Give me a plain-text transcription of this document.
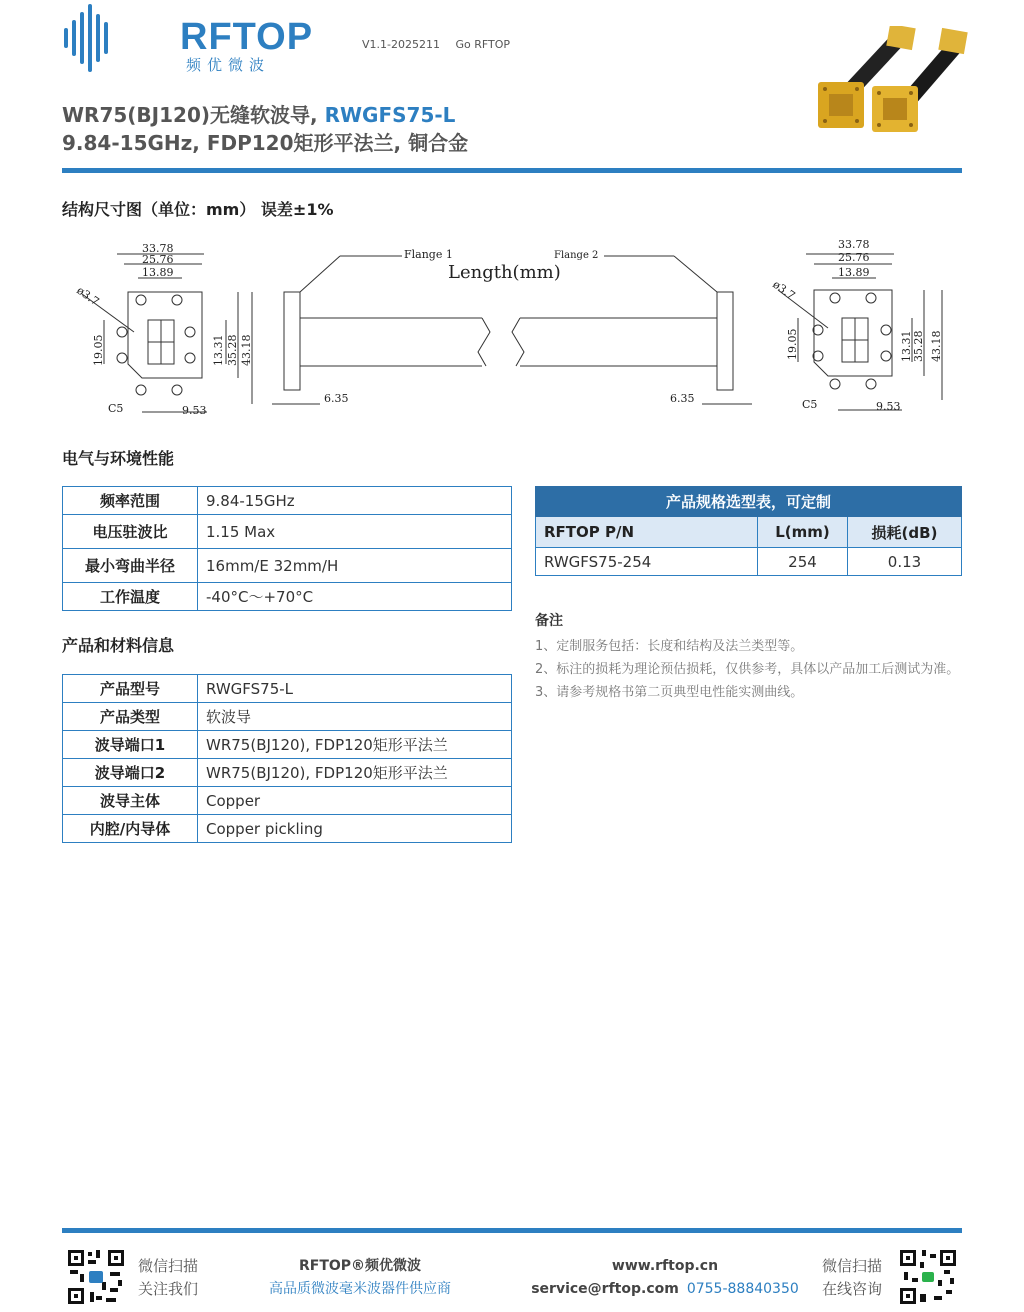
RFTOP
频优微波
V1.1-2025211 Go RFTOP
WR75(BJ120)无缝软波导, RWGFS75-L
9.84-15GHz, FDP120矩形平法兰, 铜合金
结构尺寸图（单位：mm） 误差±1%
33.78
25.76
13.89
ø3.7
19.05	13.31 35.28 43.18
C5	9.53
Flange 1	Flange 2
Length(mm)
6.35	6.35
33.78
25.76
13.89
ø3.7
19.05	13.31 35.28 43.18
C5	9.53
电气与环境性能
频率范围	9.84-15GHz
电压驻波比	1.15 Max
最小弯曲半径	16mm/E 32mm/H
工作温度	-40°C～+70°C
产品和材料信息
产品型号	RWGFS75-L
产品类型	软波导
波导端口1	WR75(BJ120), FDP120矩形平法兰
波导端口2	WR75(BJ120), FDP120矩形平法兰
波导主体	Copper
内腔/内导体	Copper pickling
产品规格选型表，可定制		
RFTOP P/N	L(mm)	损耗(dB)
RWGFS75-254	254	0.13
备注
1、定制服务包括：长度和结构及法兰类型等。
2、标注的损耗为理论预估损耗，仅供参考，具体以产品加工后测试为准。
3、请参考规格书第二页典型电性能实测曲线。
微信扫描
关注我们
RFTOP®频优微波
高品质微波毫米波器件供应商
www.rftop.cn
service@rftop.com 0755-88840350
微信扫描
在线咨询
